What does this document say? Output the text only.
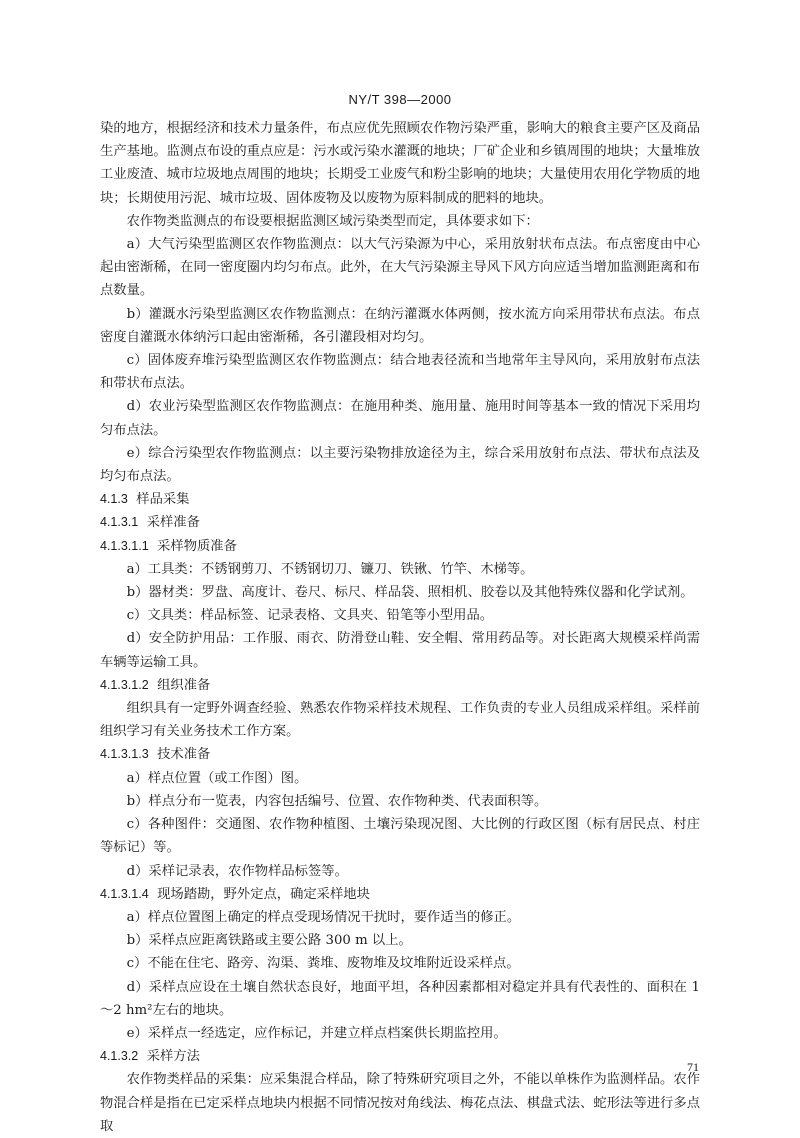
NY/T 398—2000

染的地方，根据经济和技术力量条件，布点应优先照顾农作物污染严重，影响大的粮食主要产区及商品生产基地。监测点布设的重点应是：污水或污染水灌溉的地块；厂矿企业和乡镇周围的地块；大量堆放工业废渣、城市垃圾地点周围的地块；长期受工业废气和粉尘影响的地块；大量使用农用化学物质的地块；长期使用污泥、城市垃圾、固体废物及以废物为原料制成的肥料的地块。

农作物类监测点的布设要根据监测区域污染类型而定，具体要求如下：

a）大气污染型监测区农作物监测点：以大气污染源为中心，采用放射状布点法。布点密度由中心起由密渐稀，在同一密度圈内均匀布点。此外，在大气污染源主导风下风方向应适当增加监测距离和布点数量。

b）灌溉水污染型监测区农作物监测点：在纳污灌溉水体两侧，按水流方向采用带状布点法。布点密度自灌溉水体纳污口起由密渐稀，各引灌段相对均匀。

c）固体废弃堆污染型监测区农作物监测点：结合地表径流和当地常年主导风向，采用放射布点法和带状布点法。

d）农业污染型监测区农作物监测点：在施用种类、施用量、施用时间等基本一致的情况下采用均匀布点法。

e）综合污染型农作物监测点：以主要污染物排放途径为主，综合采用放射布点法、带状布点法及均匀布点法。

4.1.3 样品采集

4.1.3.1 采样准备

4.1.3.1.1 采样物质准备

a）工具类：不锈钢剪刀、不锈钢切刀、镰刀、铁锹、竹竿、木梯等。

b）器材类：罗盘、高度计、卷尺、标尺、样品袋、照相机、胶卷以及其他特殊仪器和化学试剂。

c）文具类：样品标签、记录表格、文具夹、铅笔等小型用品。

d）安全防护用品：工作服、雨衣、防滑登山鞋、安全帽、常用药品等。对长距离大规模采样尚需车辆等运输工具。

4.1.3.1.2 组织准备

组织具有一定野外调查经验、熟悉农作物采样技术规程、工作负责的专业人员组成采样组。采样前组织学习有关业务技术工作方案。

4.1.3.1.3 技术准备

a）样点位置（或工作图）图。

b）样点分布一览表，内容包括编号、位置、农作物种类、代表面积等。

c）各种图件：交通图、农作物种植图、土壤污染现况图、大比例的行政区图（标有居民点、村庄等标记）等。

d）采样记录表，农作物样品标签等。

4.1.3.1.4 现场踏勘，野外定点，确定采样地块

a）样点位置图上确定的样点受现场情况干扰时，要作适当的修正。

b）采样点应距离铁路或主要公路 300 m 以上。

c）不能在住宅、路旁、沟渠、粪堆、废物堆及坟堆附近设采样点。

d）采样点应设在土壤自然状态良好，地面平坦，各种因素都相对稳定并具有代表性的、面积在 1～2 hm²左右的地块。

e）采样点一经选定，应作标记，并建立样点档案供长期监控用。

4.1.3.2 采样方法

农作物类样品的采集：应采集混合样品，除了特殊研究项目之外，不能以单株作为监测样品。农作物混合样是指在已定采样点地块内根据不同情况按对角线法、梅花点法、棋盘式法、蛇形法等进行多点取

71
